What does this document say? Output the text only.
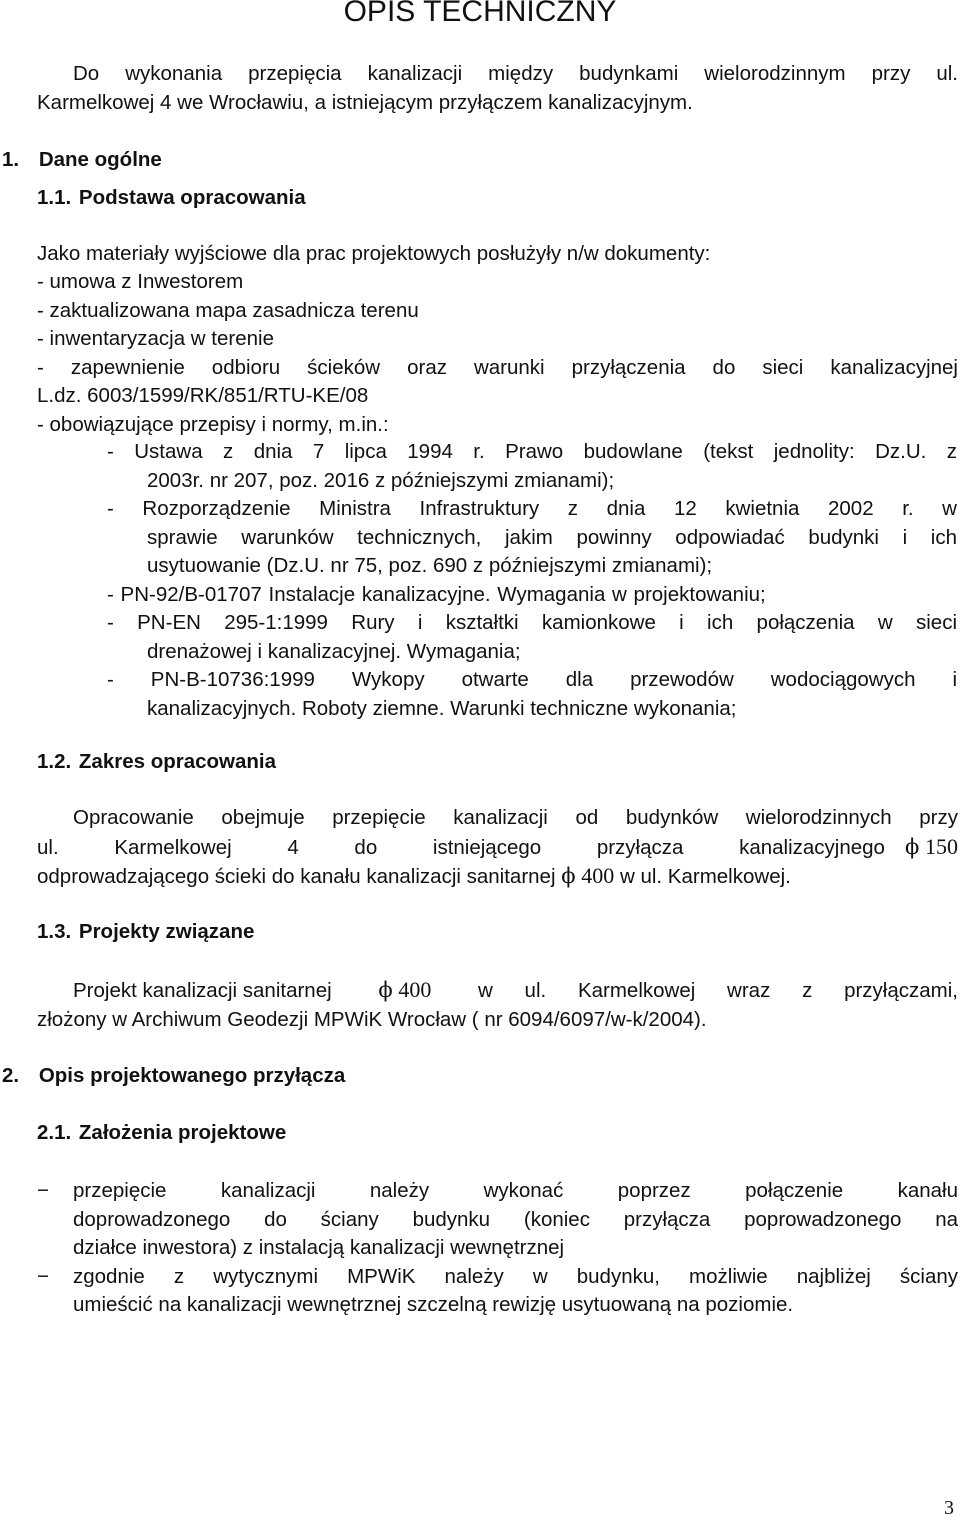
OPIS TECHNICZNY
Do wykonania przepięcia kanalizacji między budynkami wielorodzinnym przy ul.
Karmelkowej 4 we Wrocławiu, a istniejącym przyłączem kanalizacyjnym.
1. Dane ogólne
1.1. Podstawa opracowania
Jako materiały wyjściowe dla prac projektowych posłużyły n/w dokumenty:
- umowa z Inwestorem
- zaktualizowana mapa zasadnicza terenu
- inwentaryzacja w terenie
- zapewnienie odbioru ścieków oraz warunki przyłączenia do sieci kanalizacyjnej
L.dz. 6003/1599/RK/851/RTU-KE/08
- obowiązujące przepisy i normy, m.in.:
- Ustawa z dnia 7 lipca 1994 r. Prawo budowlane (tekst jednolity: Dz.U. z
2003r. nr 207, poz. 2016 z późniejszymi zmianami);
- Rozporządzenie Ministra Infrastruktury z dnia 12 kwietnia 2002 r. w
sprawie warunków technicznych, jakim powinny odpowiadać budynki i ich
usytuowanie (Dz.U. nr 75, poz. 690 z późniejszymi zmianami);
- PN-92/B-01707 Instalacje kanalizacyjne. Wymagania w projektowaniu;
- PN-EN 295-1:1999 Rury i kształtki kamionkowe i ich połączenia w sieci
drenażowej i kanalizacyjnej. Wymagania;
- PN-B-10736:1999 Wykopy otwarte dla przewodów wodociągowych i
kanalizacyjnych. Roboty ziemne. Warunki techniczne wykonania;
1.2. Zakres opracowania
Opracowanie obejmuje przepięcie kanalizacji od budynków wielorodzinnych przy
ul. Karmelkowej 4 do istniejącego przyłącza kanalizacyjnego ϕ 150
odprowadzającego ścieki do kanału kanalizacji sanitarnej ϕ 400 w ul. Karmelkowej.
1.3. Projekty związane
Projekt kanalizacji sanitarnej ϕ 400 w ul. Karmelkowej wraz z przyłączami,
złożony w Archiwum Geodezji MPWiK Wrocław ( nr 6094/6097/w-k/2004).
2. Opis projektowanego przyłącza
2.1. Założenia projektowe
− przepięcie kanalizacji należy wykonać poprzez połączenie kanału
doprowadzonego do ściany budynku (koniec przyłącza poprowadzonego na
działce inwestora) z instalacją kanalizacji wewnętrznej
− zgodnie z wytycznymi MPWiK należy w budynku, możliwie najbliżej ściany
umieścić na kanalizacji wewnętrznej szczelną rewizję usytuowaną na poziomie.
3
